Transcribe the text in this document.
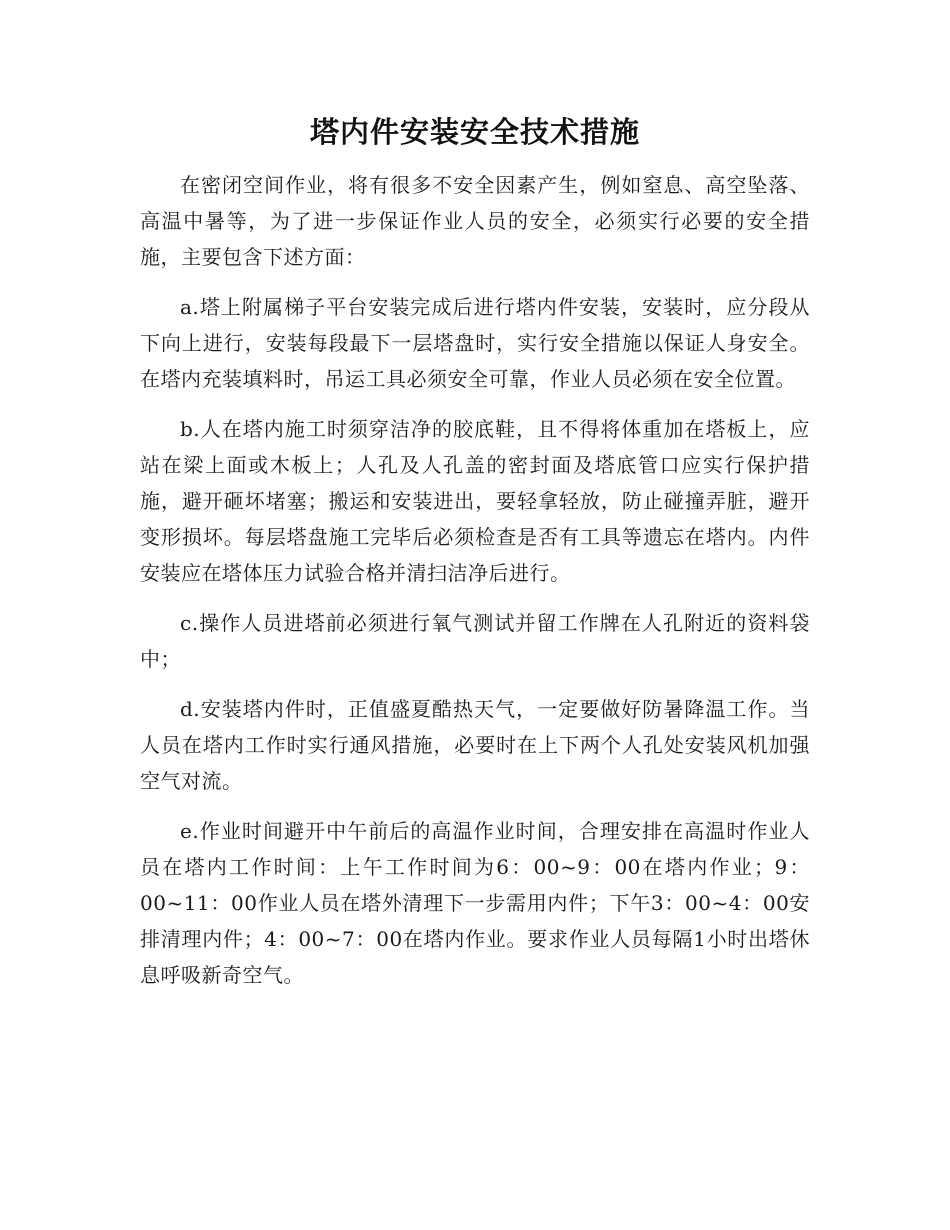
塔内件安装安全技术措施

在密闭空间作业，将有很多不安全因素产生，例如窒息、高空坠落、高温中暑等，为了进一步保证作业人员的安全，必须实行必要的安全措施，主要包含下述方面：

a.塔上附属梯子平台安装完成后进行塔内件安装，安装时，应分段从下向上进行，安装每段最下一层塔盘时，实行安全措施以保证人身安全。在塔内充装填料时，吊运工具必须安全可靠，作业人员必须在安全位置。

b.人在塔内施工时须穿洁净的胶底鞋，且不得将体重加在塔板上，应站在梁上面或木板上；人孔及人孔盖的密封面及塔底管口应实行保护措施，避开砸坏堵塞；搬运和安装进出，要轻拿轻放，防止碰撞弄脏，避开变形损坏。每层塔盘施工完毕后必须检查是否有工具等遗忘在塔内。内件安装应在塔体压力试验合格并清扫洁净后进行。

c.操作人员进塔前必须进行氧气测试并留工作牌在人孔附近的资料袋中；

d.安装塔内件时，正值盛夏酷热天气，一定要做好防暑降温工作。当人员在塔内工作时实行通风措施，必要时在上下两个人孔处安装风机加强空气对流。

e.作业时间避开中午前后的高温作业时间，合理安排在高温时作业人员在塔内工作时间：上午工作时间为6：00~9：00在塔内作业；9：00~11：00作业人员在塔外清理下一步需用内件；下午3：00~4：00安排清理内件；4：00~7：00在塔内作业。要求作业人员每隔1小时出塔休息呼吸新奇空气。
